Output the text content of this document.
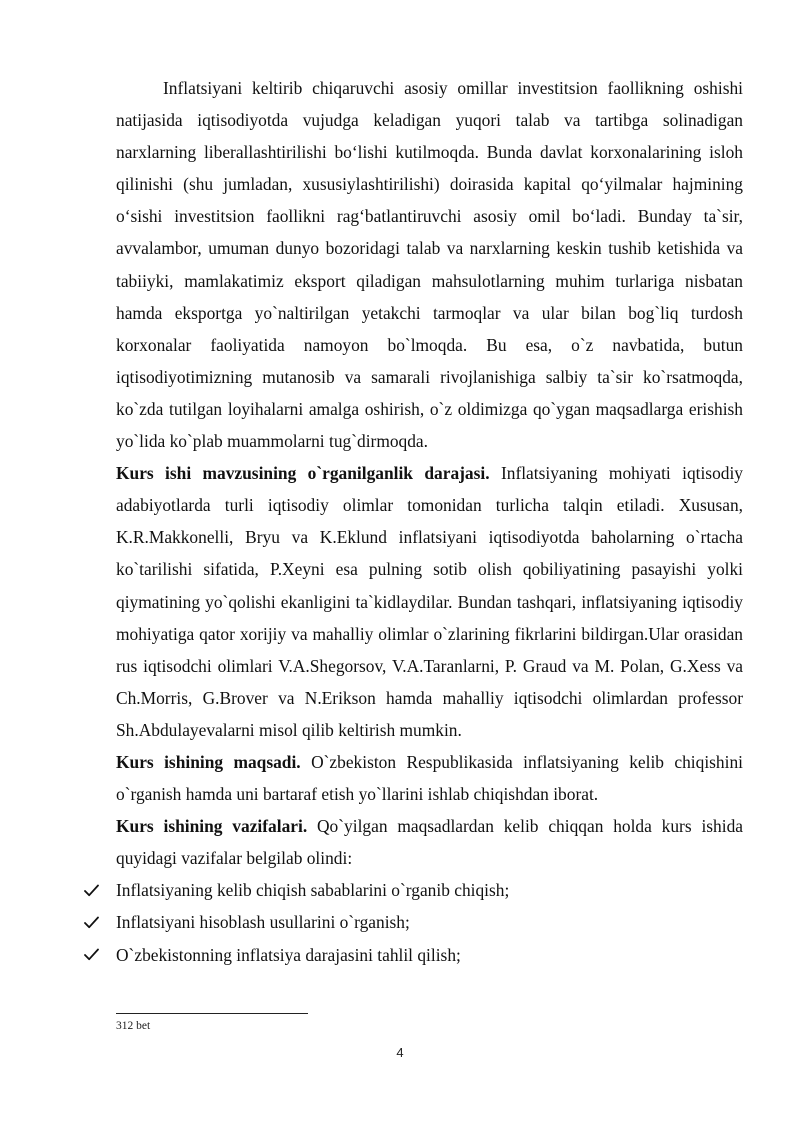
Inflatsiyani keltirib chiqaruvchi asosiy omillar investitsion faollikning oshishi natijasida iqtisodiyotda vujudga keladigan yuqori talab va tartibga solinadigan narxlarning liberallashtirilishi bo‘lishi kutilmoqda. Bunda davlat korxonalarining isloh qilinishi (shu jumladan, xususiylashtirilishi) doirasida kapital qo‘yilmalar hajmining o‘sishi investitsion faollikni rag‘batlantiruvchi asosiy omil bo‘ladi. Bunday ta`sir, avvalambor, umuman dunyo bozoridagi talab va narxlarning keskin tushib ketishida va tabiiyki, mamlakatimiz eksport qiladigan mahsulotlarning muhim turlariga nisbatan hamda eksportga yo`naltirilgan yetakchi tarmoqlar va ular bilan bog`liq turdosh korxonalar faoliyatida namoyon bo`lmoqda. Bu esa, o`z navbatida, butun iqtisodiyotimizning mutanosib va samarali rivojlanishiga salbiy ta`sir ko`rsatmoqda, ko`zda tutilgan loyihalarni amalga oshirish, o`z oldimizga qo`ygan maqsadlarga erishish yo`lida ko`plab muammolarni tug`dirmoqda.

Kurs ishi mavzusining o`rganilganlik darajasi. Inflatsiyaning mohiyati iqtisodiy adabiyotlarda turli iqtisodiy olimlar tomonidan turlicha talqin etiladi. Xususan, K.R.Makkonelli, Bryu va K.Eklund inflatsiyani iqtisodiyotda baholarning o`rtacha ko`tarilishi sifatida, P.Xeyni esa pulning sotib olish qobiliyatining pasayishi yolki qiymatining yo`qolishi ekanligini ta`kidlaydilar. Bundan tashqari, inflatsiyaning iqtisodiy mohiyatiga qator xorijiy va mahalliy olimlar o`zlarining fikrlarini bildirgan.Ular orasidan rus iqtisodchi olimlari V.A.Shegorsov, V.A.Taranlarni, P. Graud va M. Polan, G.Xess va Ch.Morris, G.Brover va N.Erikson hamda mahalliy iqtisodchi olimlardan professor Sh.Abdulayevalarni misol qilib keltirish mumkin.

Kurs ishining maqsadi. O`zbekiston Respublikasida inflatsiyaning kelib chiqishini o`rganish hamda uni bartaraf etish yo`llarini ishlab chiqishdan iborat.

Kurs ishining vazifalari. Qo`yilgan maqsadlardan kelib chiqqan holda kurs ishida quyidagi vazifalar belgilab olindi:

Inflatsiyaning kelib chiqish sabablarini o`rganib chiqish;
Inflatsiyani hisoblash usullarini o`rganish;
O`zbekistonning inflatsiya darajasini tahlil qilish;
312 bet
4
